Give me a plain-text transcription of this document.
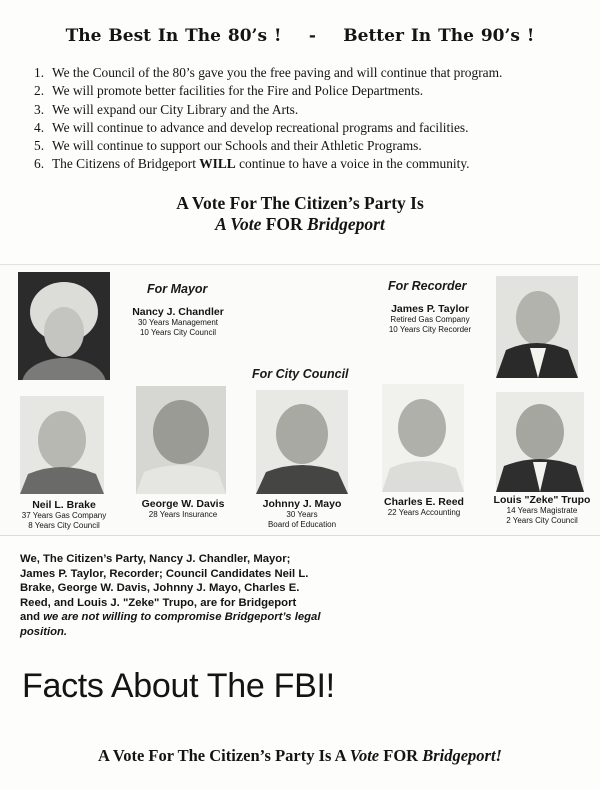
The Best In The 80’s ! - Better In The 90’s !
1. We the Council of the 80’s gave you the free paving and will continue that program.
2. We will promote better facilities for the Fire and Police Departments.
3. We will expand our City Library and the Arts.
4. We will continue to advance and develop recreational programs and facilities.
5. We will continue to support our Schools and their Athletic Programs.
6. The Citizens of Bridgeport WILL continue to have a voice in the community.
A Vote For The Citizen’s Party Is
A Vote FOR Bridgeport
For Mayor	For Recorder
For City Council
Nancy J. Chandler
30 Years Management
10 Years City Council
James P. Taylor
Retired Gas Company
10 Years City Recorder
Neil L. Brake
37 Years Gas Company
8 Years City Council
George W. Davis
28 Years Insurance
Johnny J. Mayo
30 Years
Board of Education
Charles E. Reed
22 Years Accounting
Louis "Zeke" Trupo
14 Years Magistrate
2 Years City Council
We, The Citizen’s Party, Nancy J. Chandler, Mayor;
James P. Taylor, Recorder; Council Candidates Neil L.
Brake, George W. Davis, Johnny J. Mayo, Charles E.
Reed, and Louis J. "Zeke" Trupo, are for Bridgeport
and we are not willing to compromise Bridgeport’s legal
position.
Facts About The FBI!
A Vote For The Citizen’s Party Is A Vote FOR Bridgeport!
